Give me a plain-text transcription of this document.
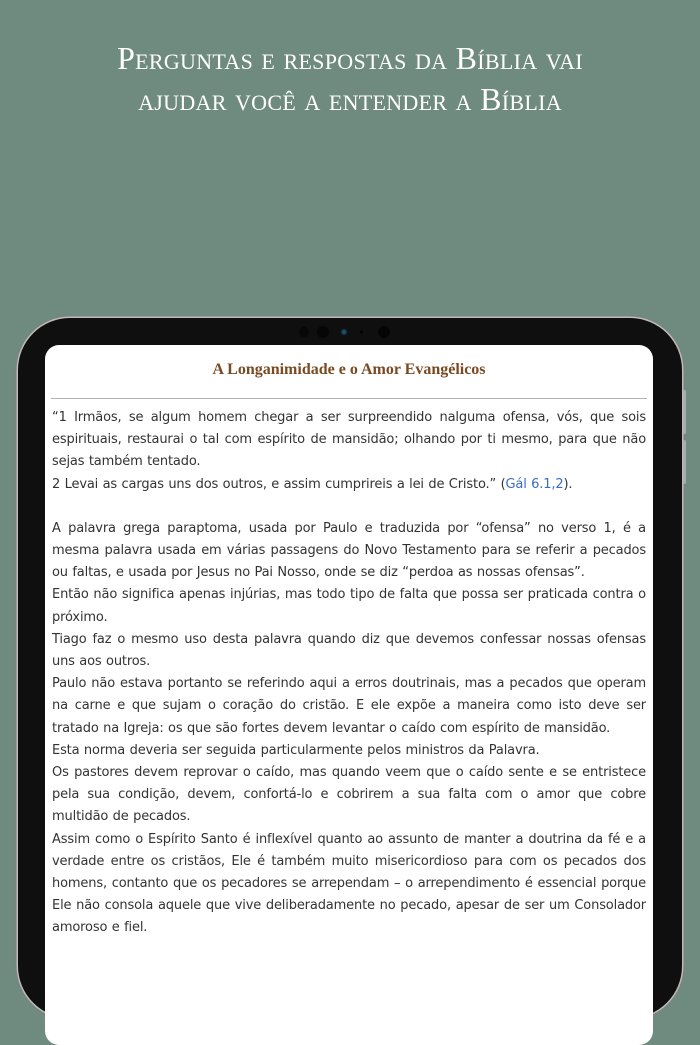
Perguntas e respostas da Bíblia vai
ajudar você a entender a Bíblia
A Longanimidade e o Amor Evangélicos

“1 Irmãos, se algum homem chegar a ser surpreendido nalguma ofensa, vós, que sois espirituais, restaurai o tal com espírito de mansidão; olhando por ti mesmo, para que não sejas também tentado.

2 Levai as cargas uns dos outros, e assim cumprireis a lei de Cristo.” (Gál 6.1,2).

A palavra grega paraptoma, usada por Paulo e traduzida por “ofensa” no verso 1, é a mesma palavra usada em várias passagens do Novo Testamento para se referir a pecados ou faltas, e usada por Jesus no Pai Nosso, onde se diz “perdoa as nossas ofensas”.

Então não significa apenas injúrias, mas todo tipo de falta que possa ser praticada contra o próximo.

Tiago faz o mesmo uso desta palavra quando diz que devemos confessar nossas ofensas uns aos outros.

Paulo não estava portanto se referindo aqui a erros doutrinais, mas a pecados que operam na carne e que sujam o coração do cristão. E ele expõe a maneira como isto deve ser tratado na Igreja: os que são fortes devem levantar o caído com espírito de mansidão.

Esta norma deveria ser seguida particularmente pelos ministros da Palavra.

Os pastores devem reprovar o caído, mas quando veem que o caído sente e se entristece pela sua condição, devem, confortá-lo e cobrirem a sua falta com o amor que cobre multidão de pecados.

Assim como o Espírito Santo é inflexível quanto ao assunto de manter a doutrina da fé e a verdade entre os cristãos, Ele é também muito misericordioso para com os pecados dos homens, contanto que os pecadores se arrependam – o arrependimento é essencial porque Ele não consola aquele que vive deliberadamente no pecado, apesar de ser um Consolador amoroso e fiel.
